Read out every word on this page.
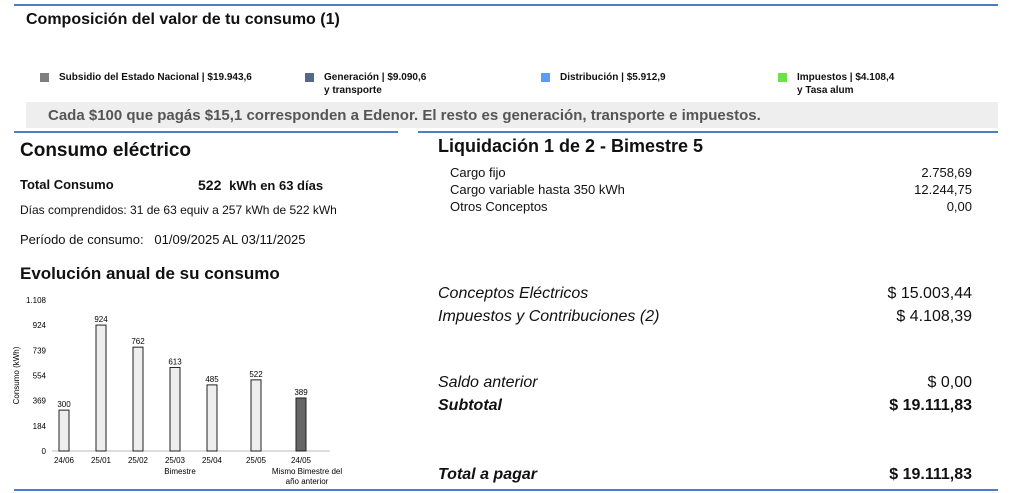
Composición del valor de tu consumo (1)
51,1%	23,3%	15,1%	10,5%
Subsidio del Estado Nacional | $19.943,6	Generación | $9.090,6
y transporte
Distribución | $5.912,9	Impuestos | $4.108,4
y Tasa alum
Cada $100 que pagás $15,1 corresponden a Edenor. El resto es generación, transporte e impuestos.
Consumo eléctrico
Total Consumo	522 kWh en 63 días
Días comprendidos: 31 de 63 equiv a 257 kWh de 522 kWh
Período de consumo: 01/09/2025 AL 03/11/2025
Evolución anual de su consumo
1.108
924
739
554
369
184
0
Consumo (kWh)
300
24/06
924
25/01
762
25/02
613
25/03
485
25/04
522
25/05
389
24/05
Bimestre	Mismo Bimestre del
año anterior
Liquidación 1 de 2 - Bimestre 5
Cargo fijo	2.758,69
Cargo variable hasta 350 kWh	12.244,75
Otros Conceptos	0,00
Conceptos Eléctricos	$ 15.003,44
Impuestos y Contribuciones (2)	$ 4.108,39
Saldo anterior	$ 0,00
Subtotal	$ 19.111,83
Total a pagar	$ 19.111,83
